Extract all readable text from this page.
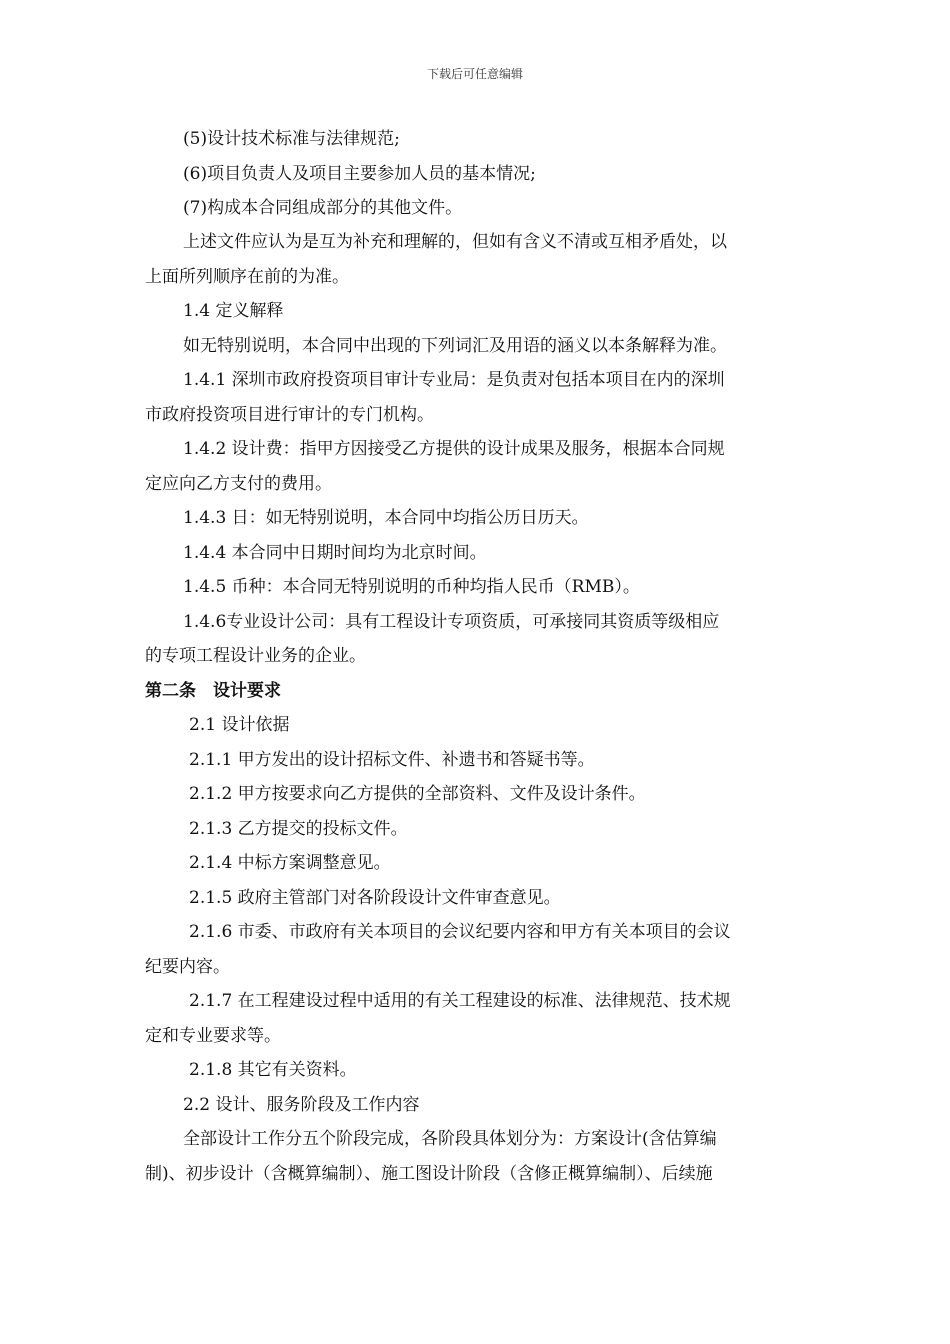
下载后可任意编辑
(5)设计技术标准与法律规范;
(6)项目负责人及项目主要参加人员的基本情况;
(7)构成本合同组成部分的其他文件。
上述文件应认为是互为补充和理解的，但如有含义不清或互相矛盾处，以
上面所列顺序在前的为准。
1.4 定义解释
如无特别说明，本合同中出现的下列词汇及用语的涵义以本条解释为准。
1.4.1 深圳市政府投资项目审计专业局：是负责对包括本项目在内的深圳
市政府投资项目进行审计的专门机构。
1.4.2 设计费：指甲方因接受乙方提供的设计成果及服务，根据本合同规
定应向乙方支付的费用。
1.4.3 日：如无特别说明，本合同中均指公历日历天。
1.4.4 本合同中日期时间均为北京时间。
1.4.5 币种：本合同无特别说明的币种均指人民币（RMB）。
1.4.6专业设计公司：具有工程设计专项资质，可承接同其资质等级相应
的专项工程设计业务的企业。
第二条　设计要求
2.1 设计依据
2.1.1 甲方发出的设计招标文件、补遗书和答疑书等。
2.1.2 甲方按要求向乙方提供的全部资料、文件及设计条件。
2.1.3 乙方提交的投标文件。
2.1.4 中标方案调整意见。
2.1.5 政府主管部门对各阶段设计文件审查意见。
2.1.6 市委、市政府有关本项目的会议纪要内容和甲方有关本项目的会议
纪要内容。
2.1.7 在工程建设过程中适用的有关工程建设的标准、法律规范、技术规
定和专业要求等。
2.1.8 其它有关资料。
2.2 设计、服务阶段及工作内容
全部设计工作分五个阶段完成，各阶段具体划分为：方案设计(含估算编
制)、初步设计（含概算编制）、施工图设计阶段（含修正概算编制）、后续施
